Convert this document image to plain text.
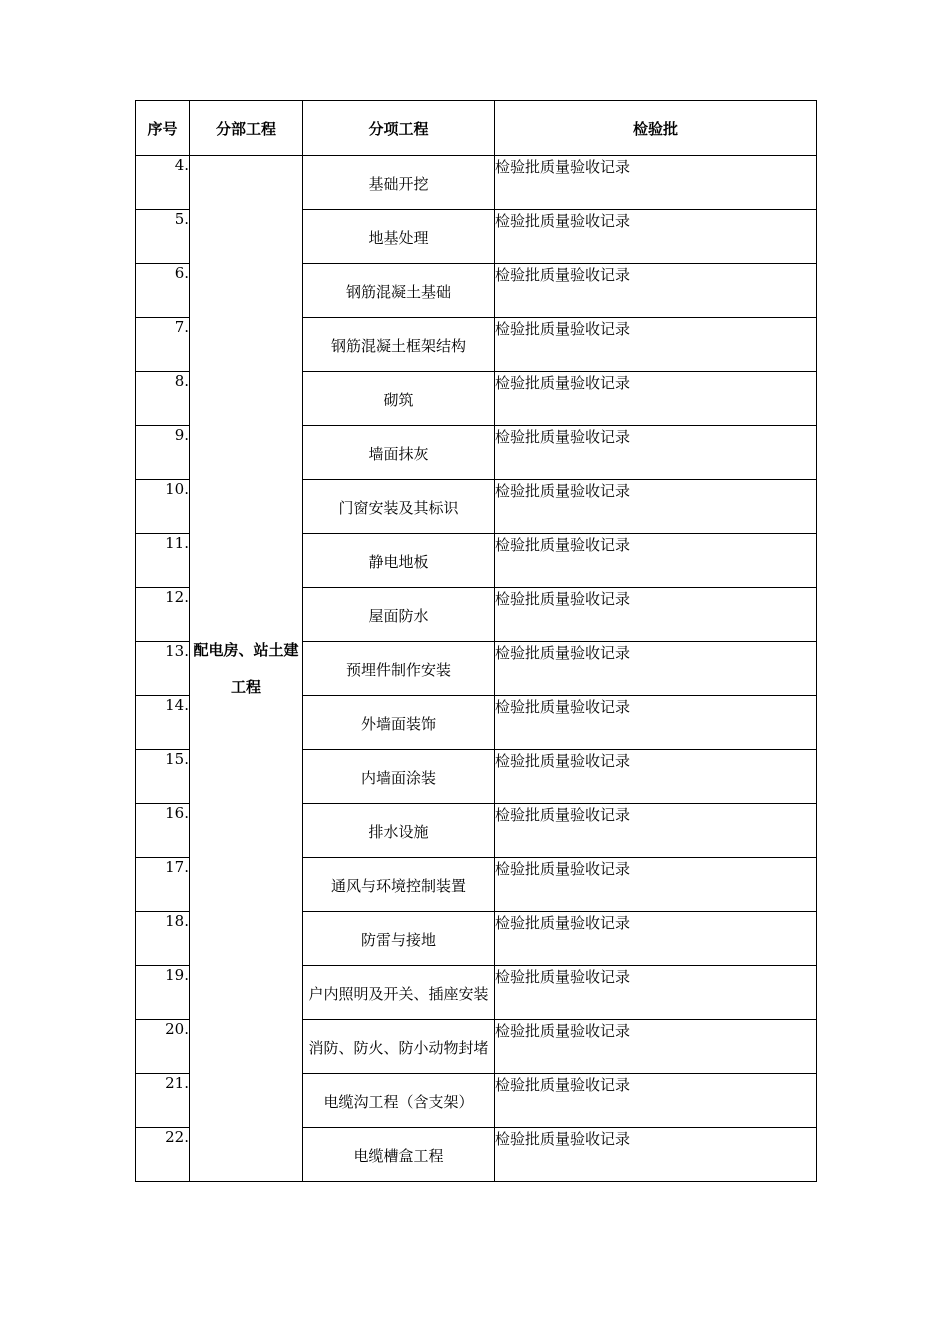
序号	分部工程	分项工程	检验批
4.	配电房、站土建工程	基础开挖	检验批质量验收记录
5.		地基处理	检验批质量验收记录
6.		钢筋混凝土基础	检验批质量验收记录
7.		钢筋混凝土框架结构	检验批质量验收记录
8.		砌筑	检验批质量验收记录
9.		墙面抹灰	检验批质量验收记录
10.		门窗安装及其标识	检验批质量验收记录
11.		静电地板	检验批质量验收记录
12.		屋面防水	检验批质量验收记录
13.		预埋件制作安装	检验批质量验收记录
14.		外墙面装饰	检验批质量验收记录
15.		内墙面涂装	检验批质量验收记录
16.		排水设施	检验批质量验收记录
17.		通风与环境控制装置	检验批质量验收记录
18.		防雷与接地	检验批质量验收记录
19.		户内照明及开关、插座安装	检验批质量验收记录
20.		消防、防火、防小动物封堵	检验批质量验收记录
21.		电缆沟工程（含支架）	检验批质量验收记录
22.		电缆槽盒工程	检验批质量验收记录
